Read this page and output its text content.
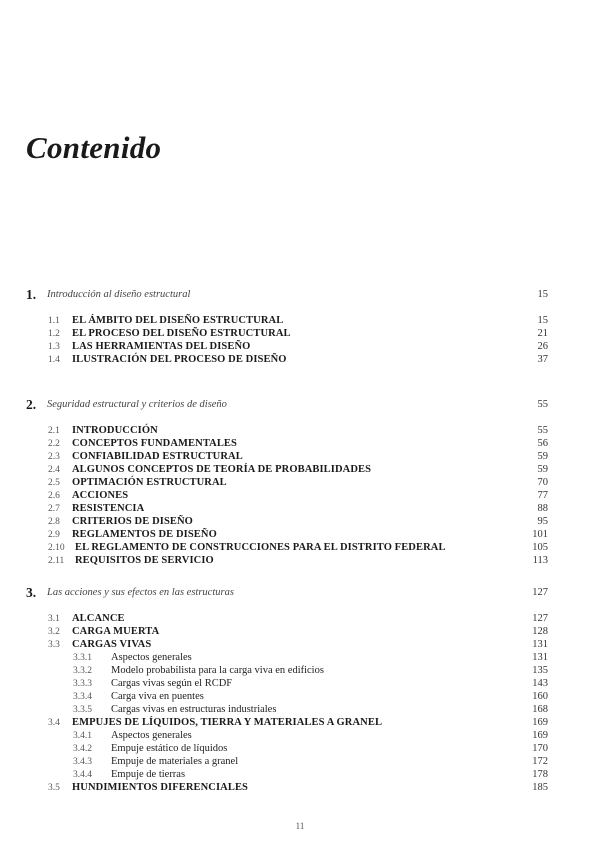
Contenido
1. Introducción al diseño estructural	15
1.1 EL ÁMBITO DEL DISEÑO ESTRUCTURAL	15
1.2 EL PROCESO DEL DISEÑO ESTRUCTURAL	21
1.3 LAS HERRAMIENTAS DEL DISEÑO	26
1.4 ILUSTRACIÓN DEL PROCESO DE DISEÑO	37
2. Seguridad estructural y criterios de diseño	55
2.1 INTRODUCCIÓN	55
2.2 CONCEPTOS FUNDAMENTALES	56
2.3 CONFIABILIDAD ESTRUCTURAL	59
2.4 ALGUNOS CONCEPTOS DE TEORÍA DE PROBABILIDADES	59
2.5 OPTIMACIÓN ESTRUCTURAL	70
2.6 ACCIONES	77
2.7 RESISTENCIA	88
2.8 CRITERIOS DE DISEÑO	95
2.9 REGLAMENTOS DE DISEÑO	101
2.10 EL REGLAMENTO DE CONSTRUCCIONES PARA EL DISTRITO FEDERAL	105
2.11 REQUISITOS DE SERVICIO	113
3. Las acciones y sus efectos en las estructuras	127
3.1 ALCANCE	127
3.2 CARGA MUERTA	128
3.3 CARGAS VIVAS	131
3.3.1 Aspectos generales	131
3.3.2 Modelo probabilista para la carga viva en edificios	135
3.3.3 Cargas vivas según el RCDF	143
3.3.4 Carga viva en puentes	160
3.3.5 Cargas vivas en estructuras industriales	168
3.4 EMPUJES DE LÍQUIDOS, TIERRA Y MATERIALES A GRANEL	169
3.4.1 Aspectos generales	169
3.4.2 Empuje estático de líquidos	170
3.4.3 Empuje de materiales a granel	172
3.4.4 Empuje de tierras	178
3.5 HUNDIMIENTOS DIFERENCIALES	185
11
